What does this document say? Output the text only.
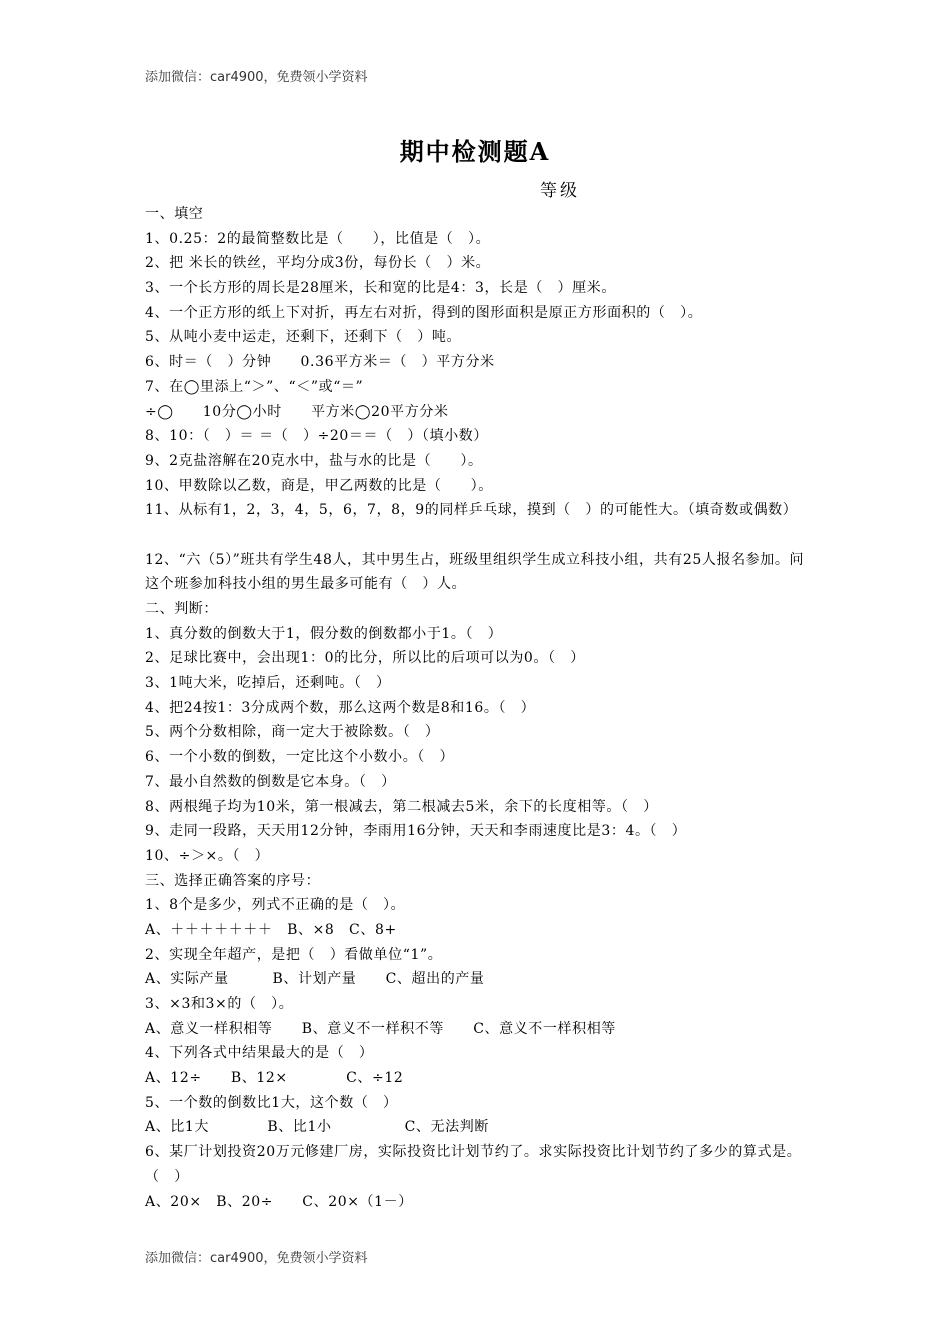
添加微信：car4900，免费领小学资料
期中检测题A
等级
一、填空
1、0.25：2的最简整数比是（　　），比值是（　）。
2、把 米长的铁丝，平均分成3份，每份长（　）米。
3、一个长方形的周长是28厘米，长和宽的比是4：3，长是（　）厘米。
4、一个正方形的纸上下对折，再左右对折，得到的图形面积是原正方形面积的（　）。
5、从吨小麦中运走，还剩下，还剩下（　）吨。
6、时＝（　）分钟　　0.36平方米＝（　）平方分米
7、在◯里添上“＞”、“＜”或“＝”
÷◯　　10分◯小时　　平方米◯20平方分米
8、10：（　）＝ ＝（　）÷20＝＝（　）（填小数）
9、2克盐溶解在20克水中，盐与水的比是（　　）。
10、甲数除以乙数，商是，甲乙两数的比是（　　）。
11、从标有1，2，3，4，5，6，7，8，9的同样乒乓球，摸到（　）的可能性大。（填奇数或偶数）
12、“六（5）”班共有学生48人，其中男生占，班级里组织学生成立科技小组，共有25人报名参加。问这个班参加科技小组的男生最多可能有（　）人。
二、判断：
1、真分数的倒数大于1，假分数的倒数都小于1。（　）
2、足球比赛中，会出现1：0的比分，所以比的后项可以为0。（　）
3、1吨大米，吃掉后，还剩吨。（　）
4、把24按1：3分成两个数，那么这两个数是8和16。（　）
5、两个分数相除，商一定大于被除数。（　）
6、一个小数的倒数，一定比这个小数小。（　）
7、最小自然数的倒数是它本身。（　）
8、两根绳子均为10米，第一根减去，第二根减去5米，余下的长度相等。（　）
9、走同一段路，天天用12分钟，李雨用16分钟，天天和李雨速度比是3：4。（　）
10、÷＞×。（　）
三、选择正确答案的序号：
1、8个是多少，列式不正确的是（　）。
A、＋＋＋＋＋＋＋　B、×8　C、8+
2、实现全年超产，是把（　）看做单位“1”。
A、实际产量　　　B、计划产量　　C、超出的产量
3、×3和3×的（　）。
A、意义一样积相等　　B、意义不一样积不等　　C、意义不一样积相等
4、下列各式中结果最大的是（　）
A、12÷　　B、12×　　　　C、÷12
5、一个数的倒数比1大，这个数（　）
A、比1大　　　　B、比1小　　　　　C、无法判断
6、某厂计划投资20万元修建厂房，实际投资比计划节约了。求实际投资比计划节约了多少的算式是。（　）
A、20×　B、20÷　　C、20×（1－）
添加微信：car4900，免费领小学资料
